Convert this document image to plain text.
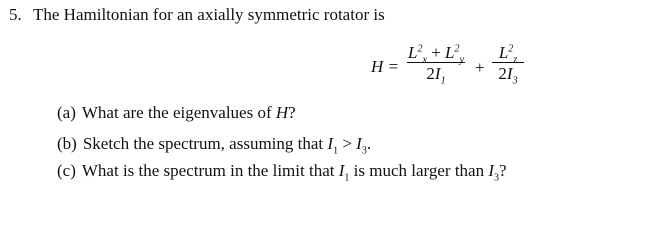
5. The Hamiltonian for an axially symmetric rotator is
H =
$L^2_x + L^2_y$
$2I_1$
+
$L^2_z$
$2I_3$
(a) What are the eigenvalues of H?
(b) Sketch the spectrum, assuming that $I_1 > I_3$.
(c) What is the spectrum in the limit that $I_1$ is much larger than $I_3$?
